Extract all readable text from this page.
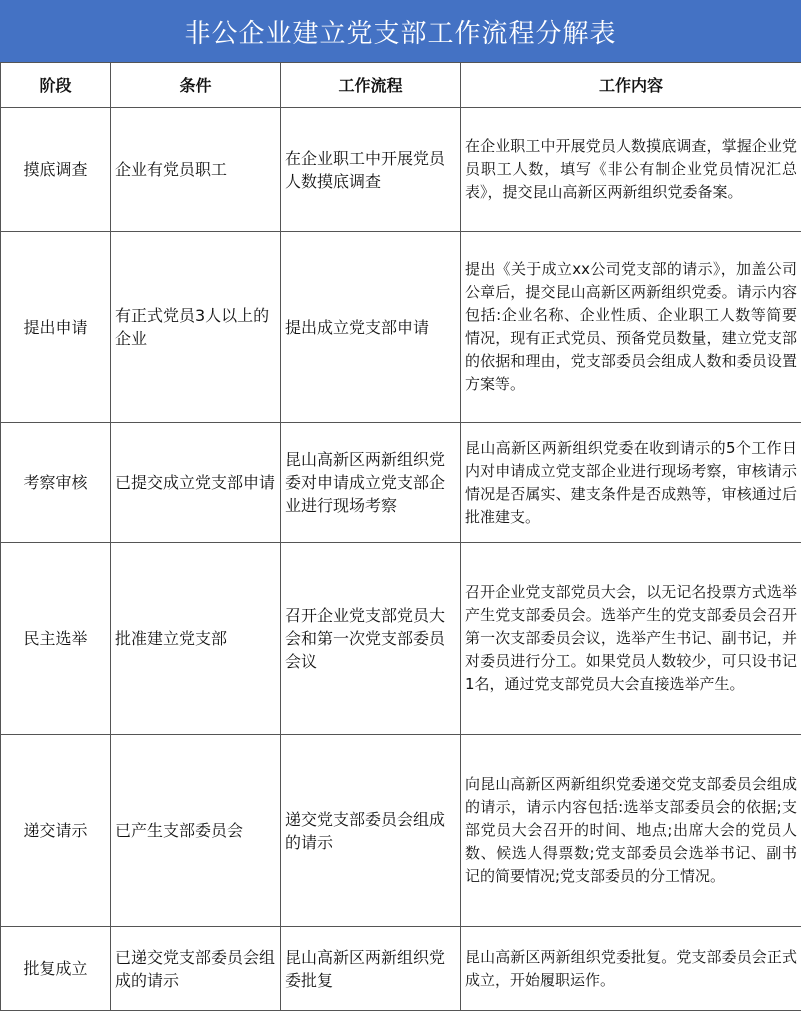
非公企业建立党支部工作流程分解表
阶段	条件	工作流程	工作内容
摸底调查	企业有党员职工	在企业职工中开展党员人数摸底调查	在企业职工中开展党员人数摸底调查，掌握企业党员职工人数，填写《非公有制企业党员情况汇总表》，提交昆山高新区两新组织党委备案。
提出申请	有正式党员3人以上的企业	提出成立党支部申请	提出《关于成立xx公司党支部的请示》，加盖公司公章后，提交昆山高新区两新组织党委。请示内容包括:企业名称、企业性质、企业职工人数等简要情况，现有正式党员、预备党员数量，建立党支部的依据和理由，党支部委员会组成人数和委员设置方案等。
考察审核	已提交成立党支部申请	昆山高新区两新组织党委对申请成立党支部企业进行现场考察	昆山高新区两新组织党委在收到请示的5个工作日内对申请成立党支部企业进行现场考察，审核请示情况是否属实、建支条件是否成熟等，审核通过后批准建支。
民主选举	批准建立党支部	召开企业党支部党员大会和第一次党支部委员会议	召开企业党支部党员大会，以无记名投票方式选举产生党支部委员会。选举产生的党支部委员会召开第一次支部委员会议，选举产生书记、副书记，并对委员进行分工。如果党员人数较少，可只设书记1名，通过党支部党员大会直接选举产生。
递交请示	已产生支部委员会	递交党支部委员会组成的请示	向昆山高新区两新组织党委递交党支部委员会组成的请示，请示内容包括:选举支部委员会的依据;支部党员大会召开的时间、地点;出席大会的党员人数、候选人得票数;党支部委员会选举书记、副书记的简要情况;党支部委员的分工情况。
批复成立	已递交党支部委员会组成的请示	昆山高新区两新组织党委批复	昆山高新区两新组织党委批复。党支部委员会正式成立，开始履职运作。
